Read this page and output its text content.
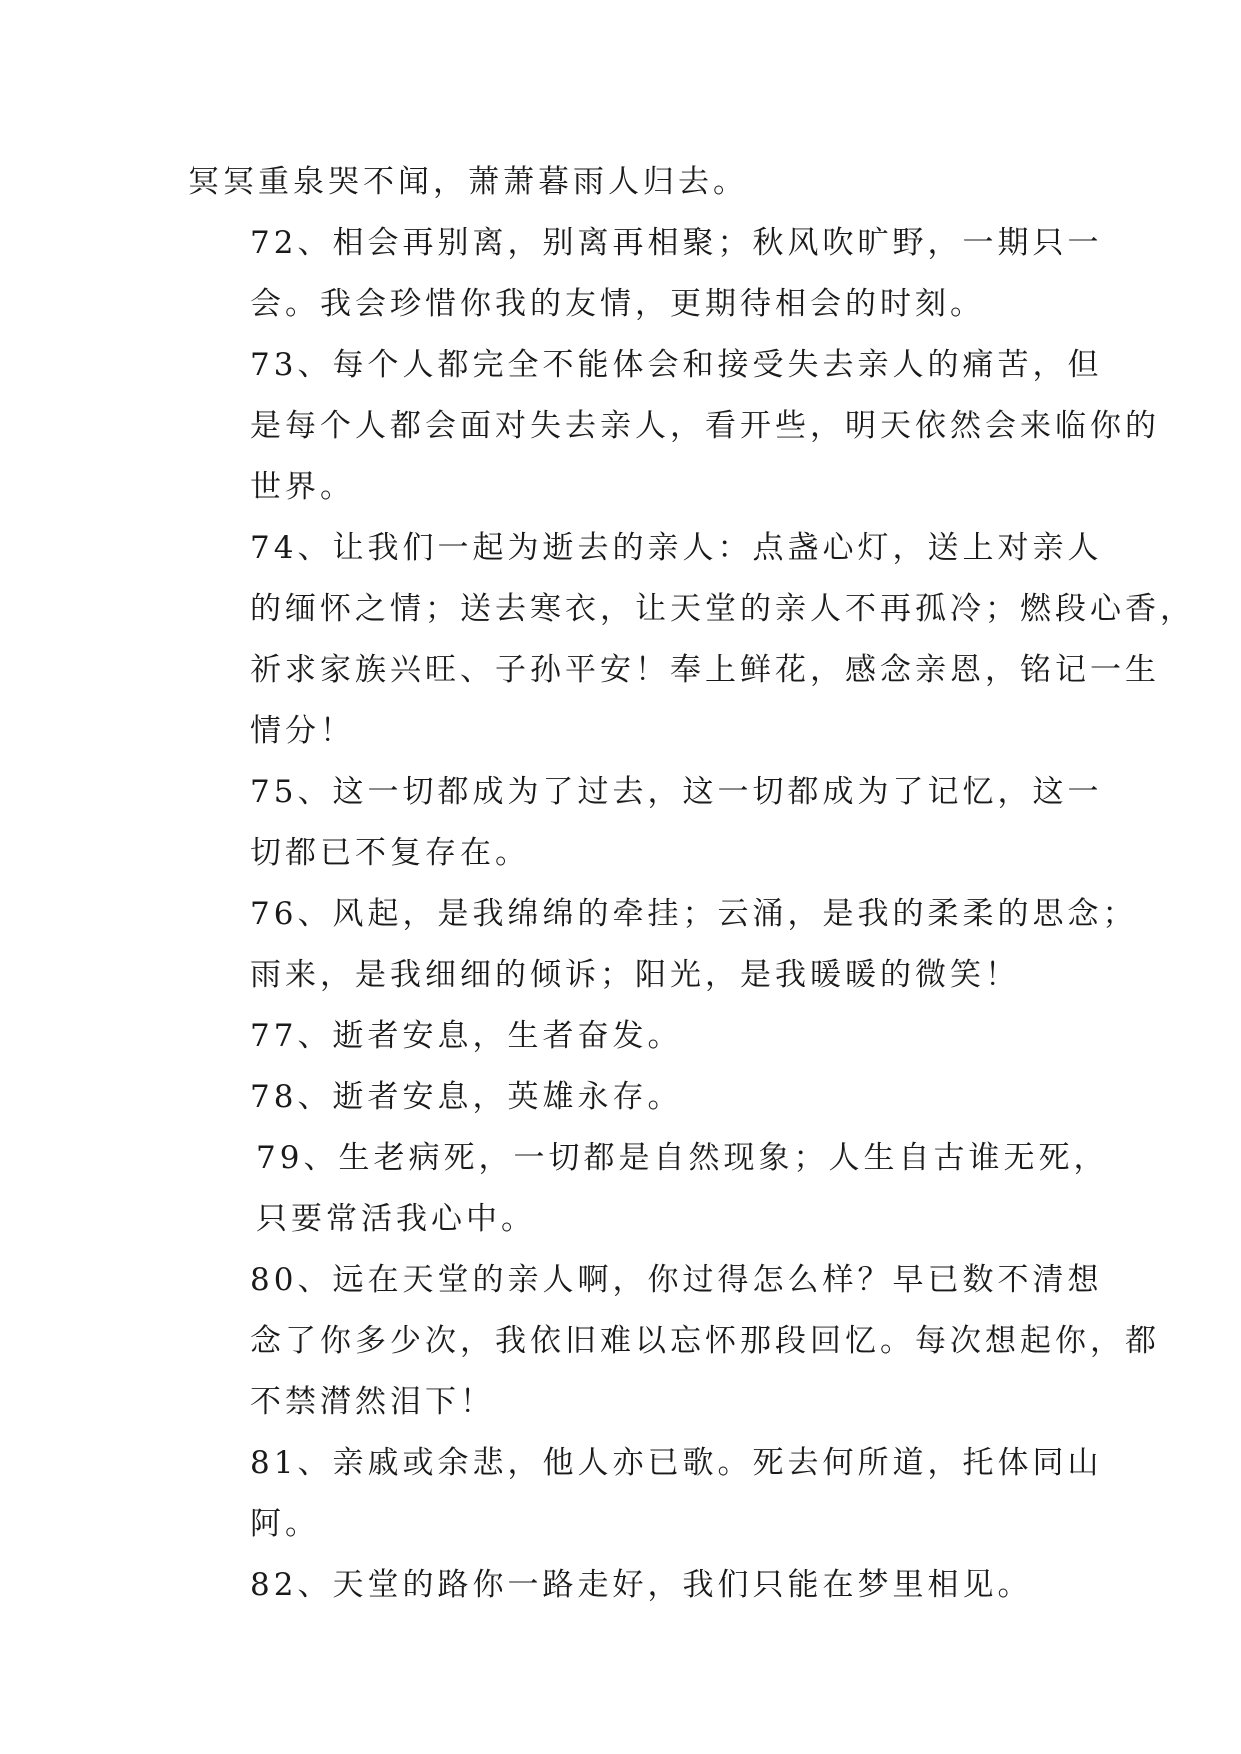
冥冥重泉哭不闻，萧萧暮雨人归去。

72、相会再别离，别离再相聚；秋风吹旷野，一期只一
会。我会珍惜你我的友情，更期待相会的时刻。

73、每个人都完全不能体会和接受失去亲人的痛苦，但
是每个人都会面对失去亲人，看开些，明天依然会来临你的
世界。

74、让我们一起为逝去的亲人：点盏心灯，送上对亲人
的缅怀之情；送去寒衣，让天堂的亲人不再孤冷；燃段心香，
祈求家族兴旺、子孙平安！奉上鲜花，感念亲恩，铭记一生
情分！

75、这一切都成为了过去，这一切都成为了记忆，这一
切都已不复存在。

76、风起，是我绵绵的牵挂；云涌，是我的柔柔的思念；
雨来，是我细细的倾诉；阳光，是我暖暖的微笑！

77、逝者安息，生者奋发。

78、逝者安息，英雄永存。

79、生老病死，一切都是自然现象；人生自古谁无死，
只要常活我心中。

80、远在天堂的亲人啊，你过得怎么样？早已数不清想
念了你多少次，我依旧难以忘怀那段回忆。每次想起你，都
不禁潸然泪下！

81、亲戚或余悲，他人亦已歌。死去何所道，托体同山
阿。

82、天堂的路你一路走好，我们只能在梦里相见。
